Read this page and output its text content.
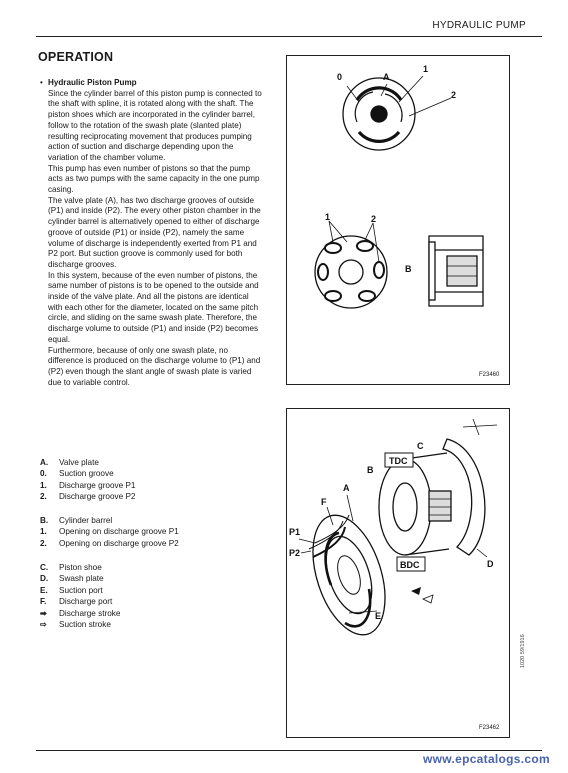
HYDRAULIC PUMP
OPERATION
• Hydraulic Piston Pump

Since the cylinder barrel of this piston pump is connected to the shaft with spline, it is rotated along with the shaft. The piston shoes which are incorporated in the cylinder barrel, follow to the rotation of the swash plate (slanted plate) resulting reciprocating movement that produces pumping action of suction and discharge depending upon the variation of the chamber volume.

This pump has even number of pistons so that the pump acts as two pumps with the same capacity in the one pump casing.

The valve plate (A), has two discharge grooves of outside (P1) and inside (P2). The every other piston chamber in the cylinder barrel is alternatively opened to either of discharge groove of outside (P1) or inside (P2), namely the same volume of discharge is independently exerted from P1 and P2 port. But suction groove is commonly used for both discharge grooves.

In this system, because of the even number of pistons, the same number of pistons is to be opened to the outside and inside of the valve plate. And all the pistons are identical with each other for the diameter, located on the same pitch circle, and sliding on the same swash plate. Therefore, the discharge volume to outside (P1) and inside (P2) becomes equal.

Furthermore, because of only one swash plate, no difference is produced on the discharge volume to (P1) and (P2) even though the slant angle of swash plate is varied due to variable control.

A.	Valve plate
0.	Suction groove
1.	Discharge groove P1
2.	Discharge groove P2
B.	Cylinder barrel
1.	Opening on discharge groove P1
2.	Opening on discharge groove P2
C.	Piston shoe
D.	Swash plate
E.	Suction port
F.	Discharge port
➡	Discharge stroke
⇨	Suction stroke
0	A
1
2
1	2
B
F23460
P1
P2
F
A
B
C
D
TDC
BDC
E
F23462
1020 59/1916
www.epcatalogs.com
